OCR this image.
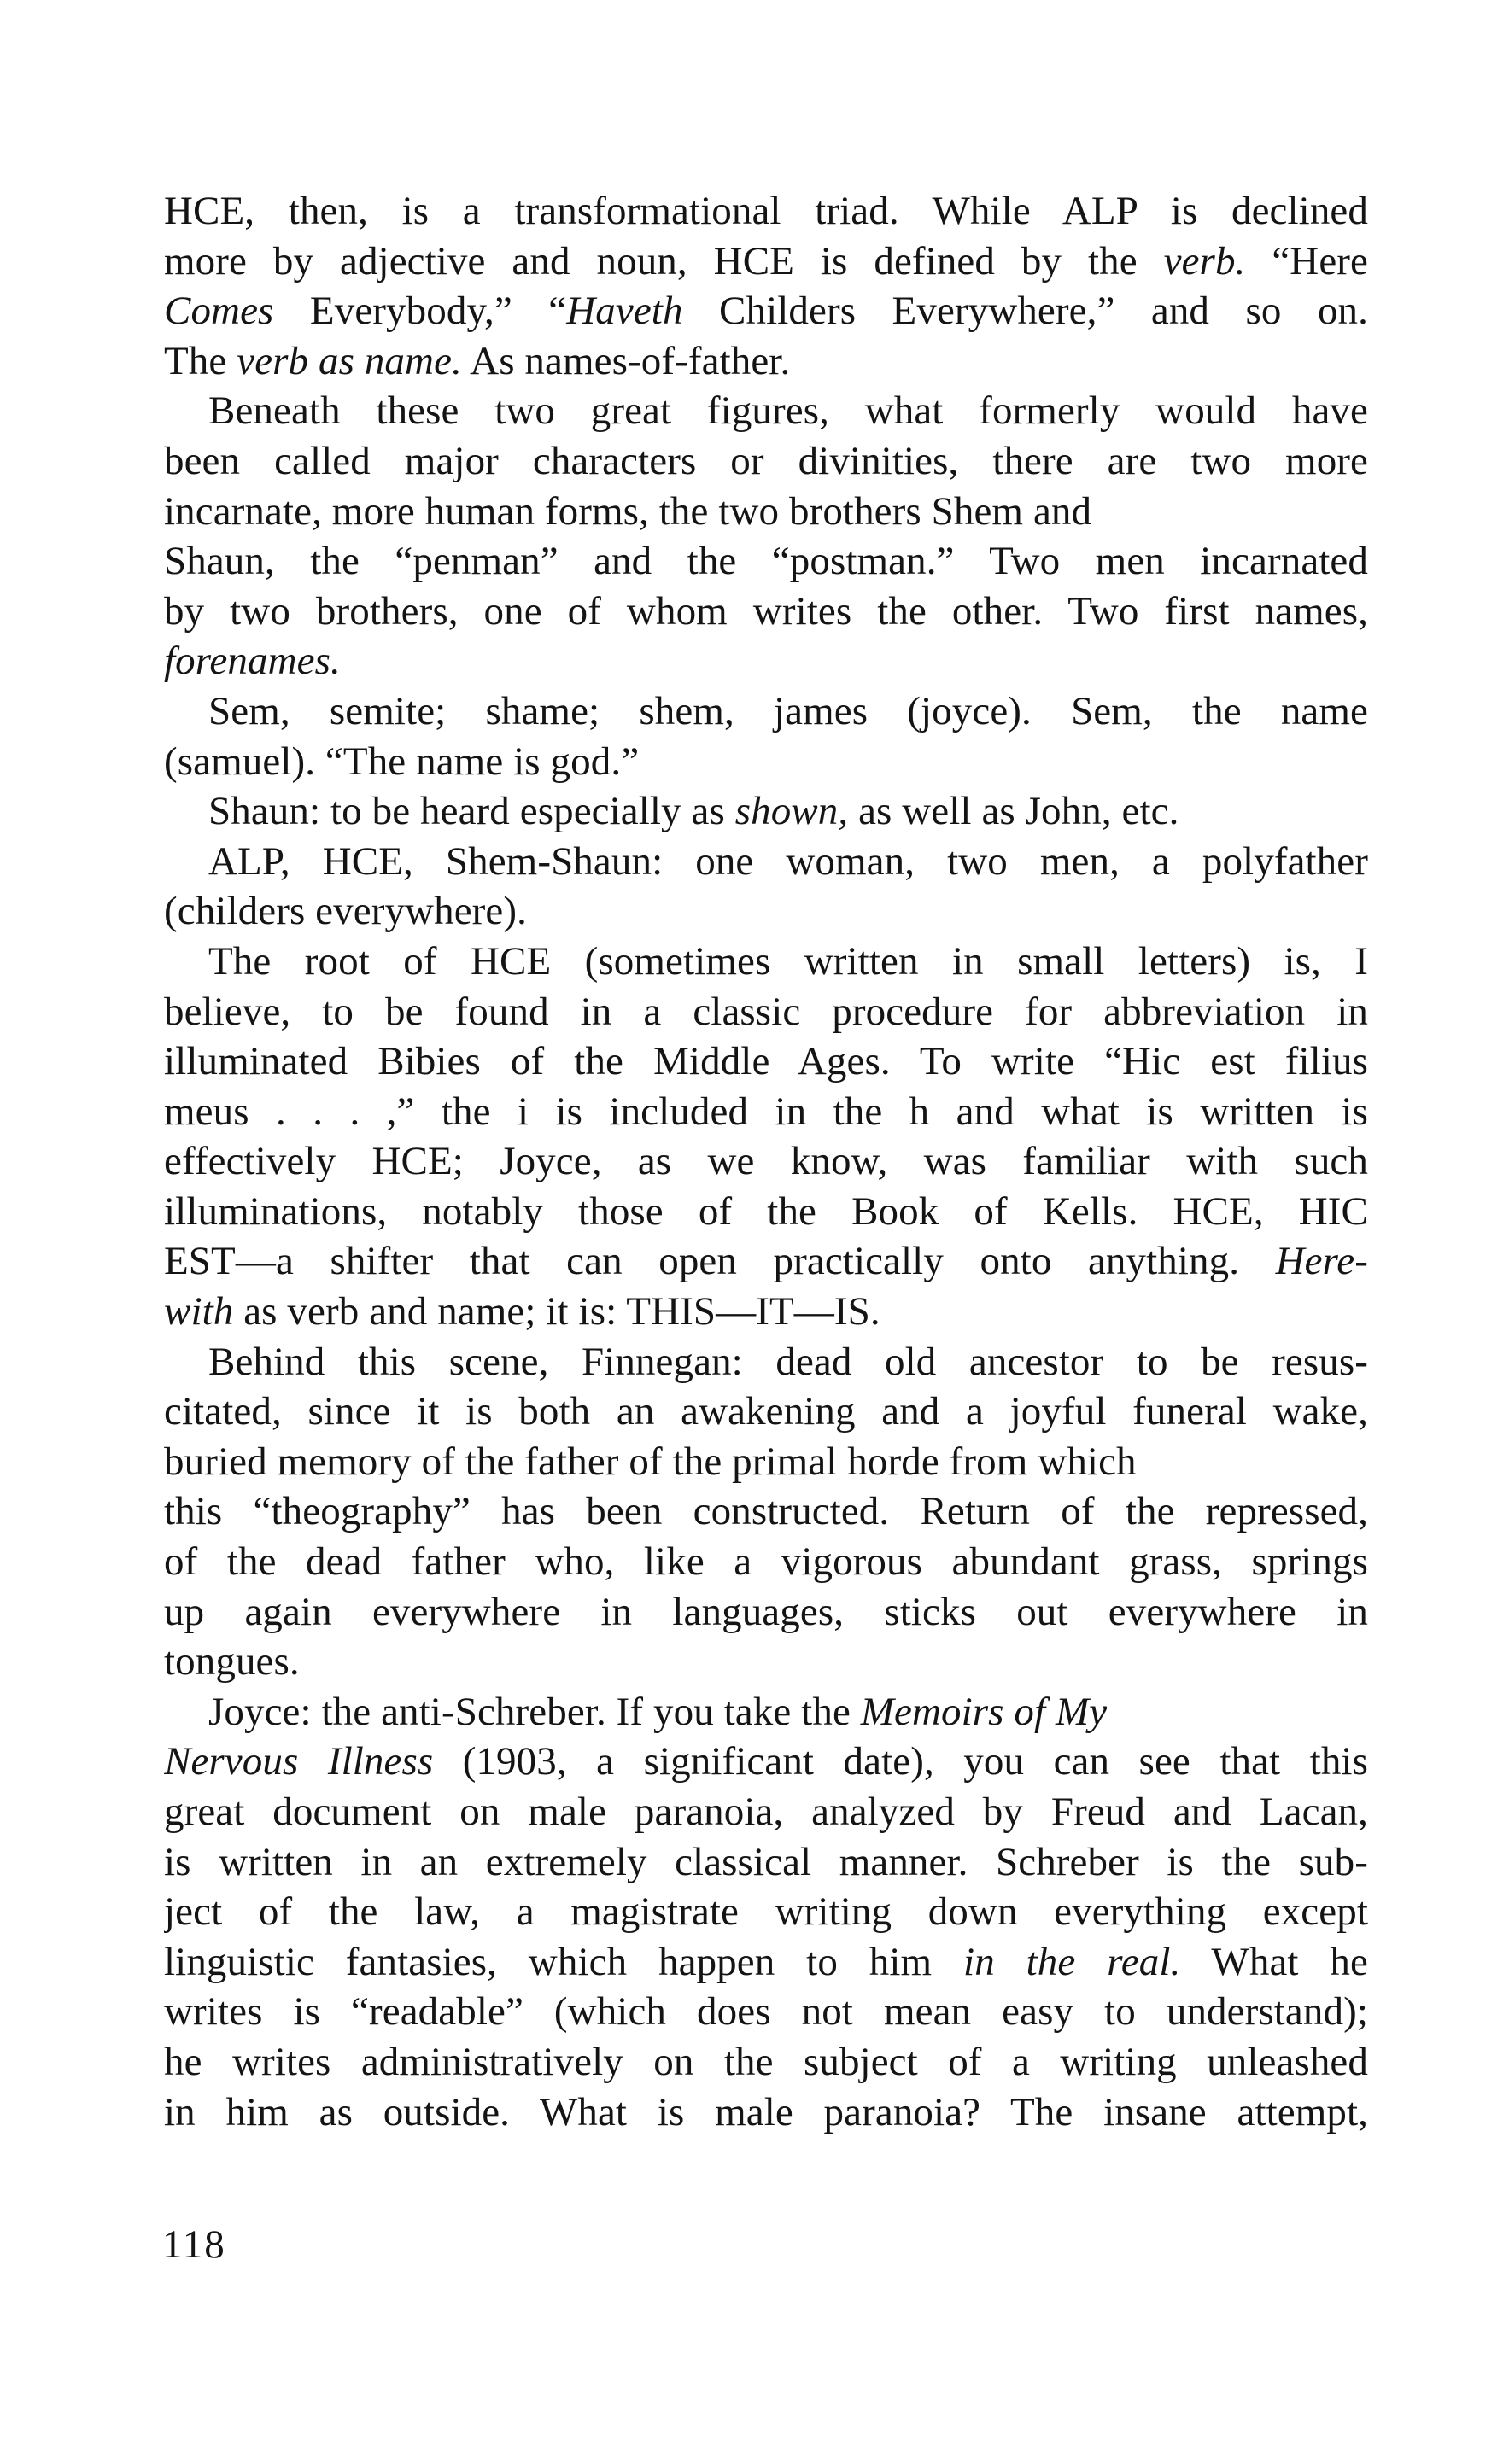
HCE, then, is a transformational triad. While ALP is declined
more by adjective and noun, HCE is defined by the verb. “Here
Comes Everybody,” “Haveth Childers Everywhere,” and so on.
The verb as name. As names-of-father.
Beneath these two great figures, what formerly would have
been called major characters or divinities, there are two more
incarnate, more human forms, the two brothers Shem and
Shaun, the “penman” and the “postman.” Two men incarnated
by two brothers, one of whom writes the other. Two first names,
forenames.
Sem, semite; shame; shem, james (joyce). Sem, the name
(samuel). “The name is god.”
Shaun: to be heard especially as shown, as well as John, etc.
ALP, HCE, Shem-Shaun: one woman, two men, a polyfather
(childers everywhere).
The root of HCE (sometimes written in small letters) is, I
believe, to be found in a classic procedure for abbreviation in
illuminated Bibies of the Middle Ages. To write “Hic est filius
meus . . . ,” the i is included in the h and what is written is
effectively HCE; Joyce, as we know, was familiar with such
illuminations, notably those of the Book of Kells. HCE, HIC
EST—a shifter that can open practically onto anything. Here-
with as verb and name; it is: THIS—IT—IS.
Behind this scene, Finnegan: dead old ancestor to be resus-
citated, since it is both an awakening and a joyful funeral wake,
buried memory of the father of the primal horde from which
this “theography” has been constructed. Return of the repressed,
of the dead father who, like a vigorous abundant grass, springs
up again everywhere in languages, sticks out everywhere in
tongues.
Joyce: the anti-Schreber. If you take the Memoirs of My
Nervous Illness (1903, a significant date), you can see that this
great document on male paranoia, analyzed by Freud and Lacan,
is written in an extremely classical manner. Schreber is the sub-
ject of the law, a magistrate writing down everything except
linguistic fantasies, which happen to him in the real. What he
writes is “readable” (which does not mean easy to understand);
he writes administratively on the subject of a writing unleashed
in him as outside. What is male paranoia? The insane attempt,
118
